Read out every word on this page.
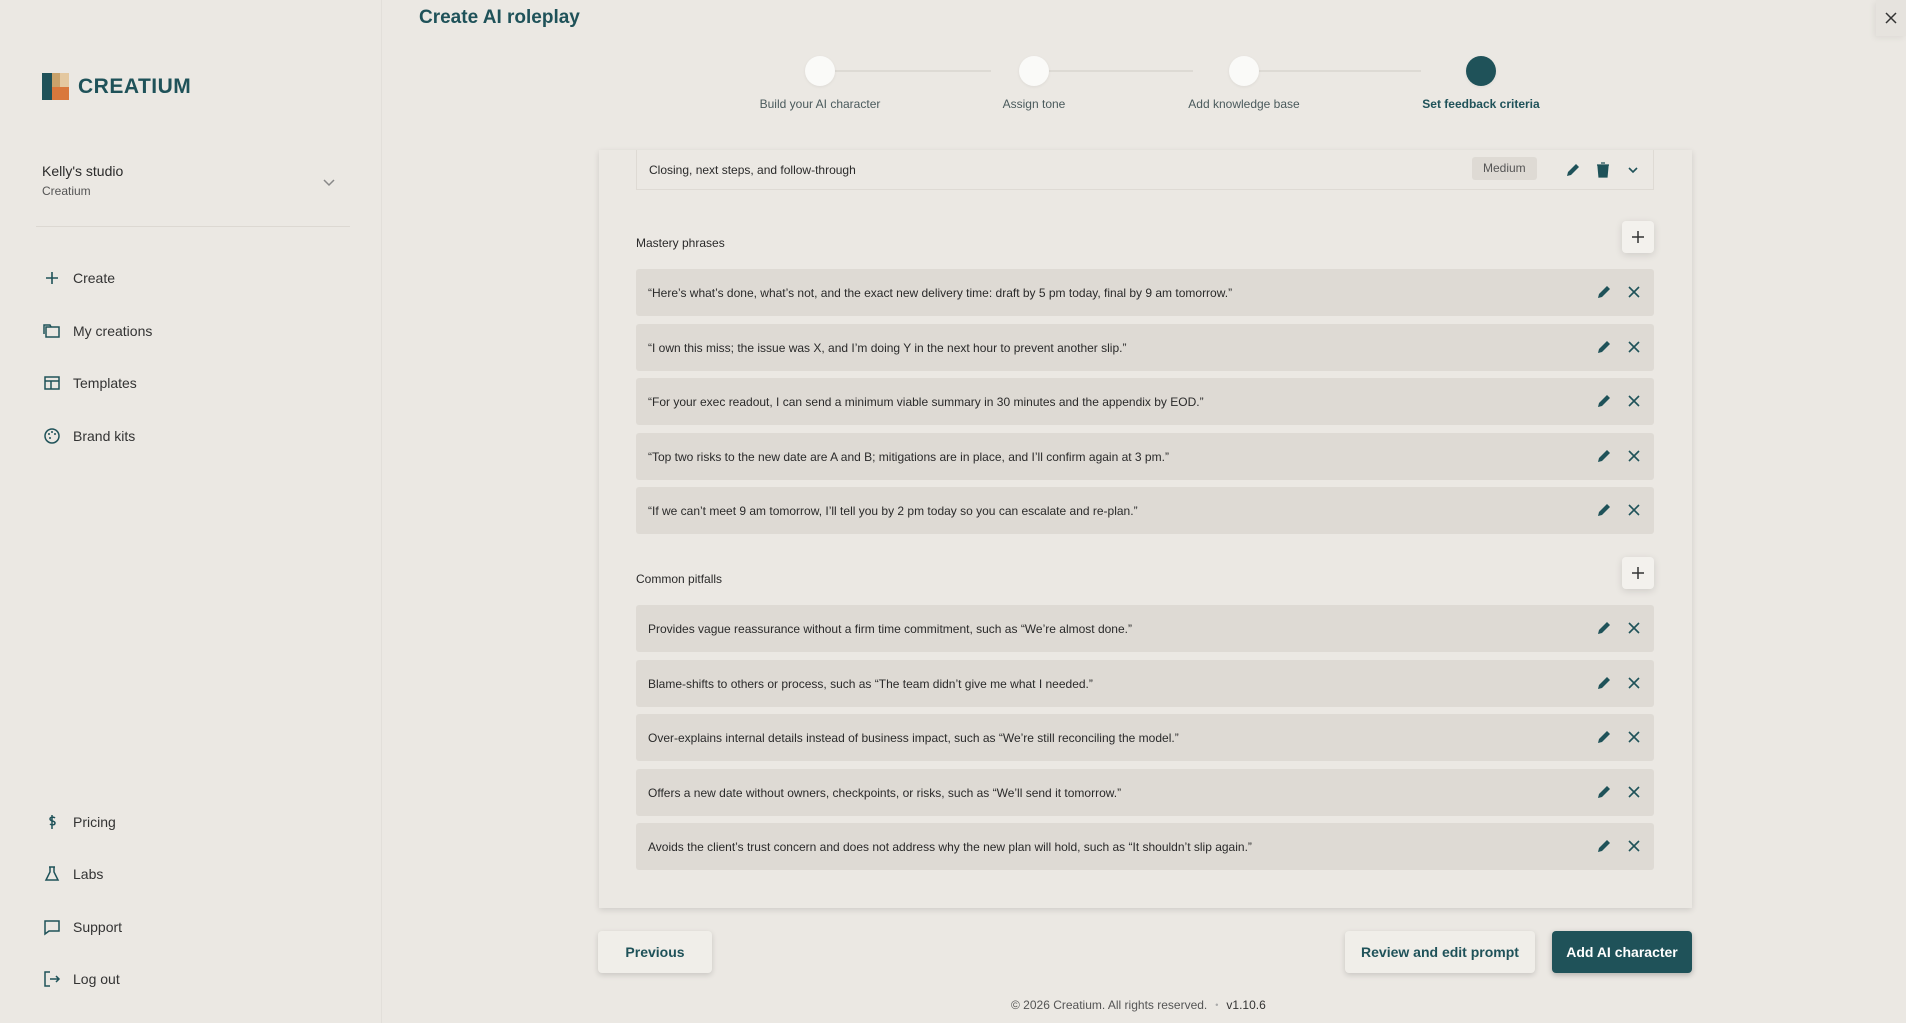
CREATIUM
Kelly's studio
Creatium
Create
My creations
Templates
Brand kits
Pricing
Labs
Support
Log out
Create AI roleplay
Build your AI character	Assign tone	Add knowledge base	Set feedback criteria
Closing, next steps, and follow-through	Medium
Mastery phrases
“Here’s what’s done, what’s not, and the exact new delivery time: draft by 5 pm today, final by 9 am tomorrow.”
“I own this miss; the issue was X, and I’m doing Y in the next hour to prevent another slip.”
“For your exec readout, I can send a minimum viable summary in 30 minutes and the appendix by EOD.”
“Top two risks to the new date are A and B; mitigations are in place, and I’ll confirm again at 3 pm.”
“If we can’t meet 9 am tomorrow, I’ll tell you by 2 pm today so you can escalate and re-plan.”
Common pitfalls
Provides vague reassurance without a firm time commitment, such as “We’re almost done.”
Blame-shifts to others or process, such as “The team didn’t give me what I needed.”
Over-explains internal details instead of business impact, such as “We’re still reconciling the model.”
Offers a new date without owners, checkpoints, or risks, such as “We’ll send it tomorrow.”
Avoids the client’s trust concern and does not address why the new plan will hold, such as “It shouldn’t slip again.”
Previous	Review and edit prompt	Add AI character
© 2026 Creatium. All rights reserved. • v1.10.6
